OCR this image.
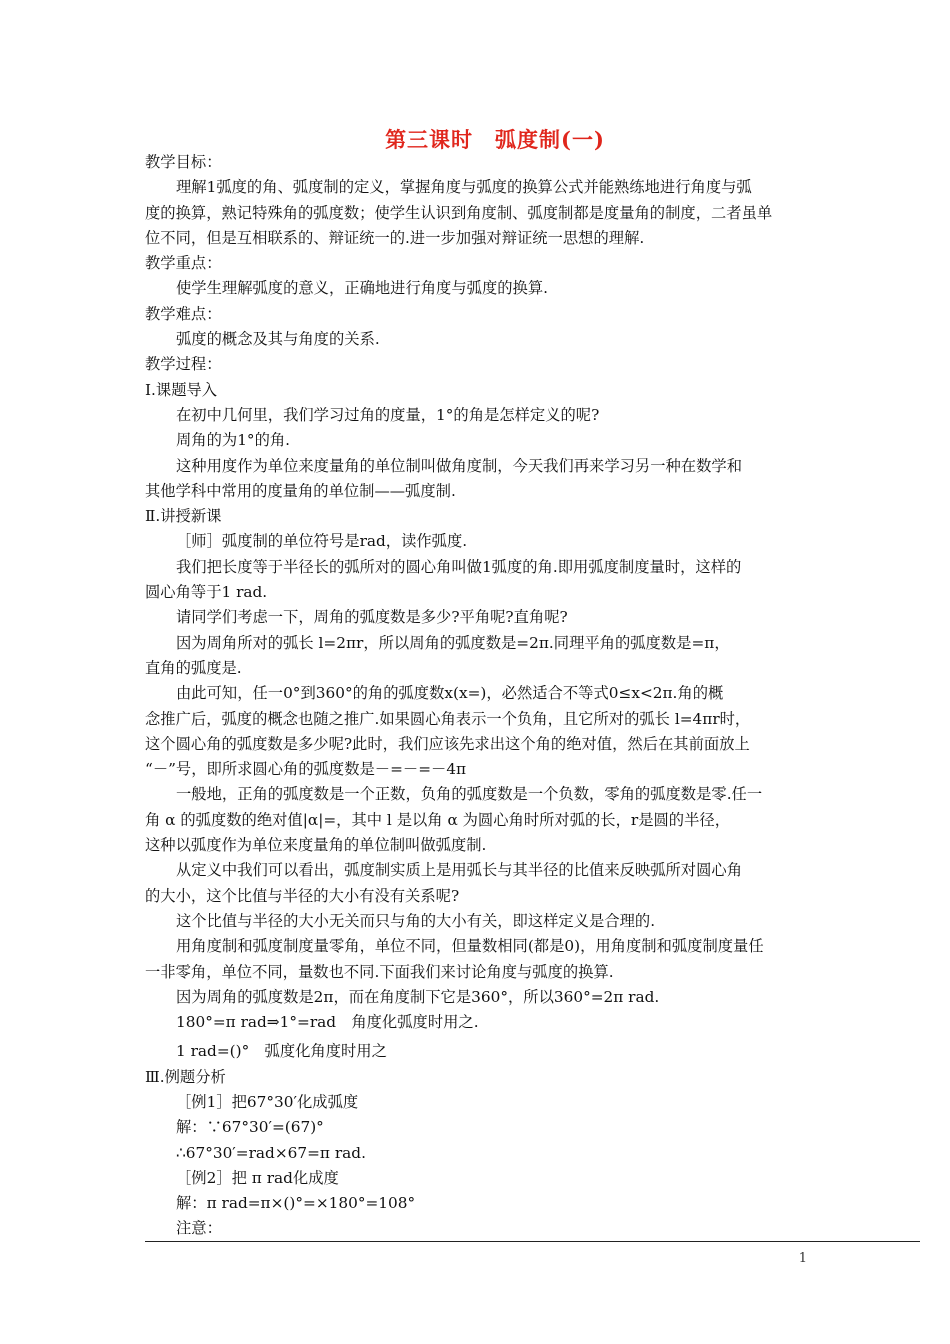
第三课时　弧度制(一)
教学目标：
理解1弧度的角、弧度制的定义，掌握角度与弧度的换算公式并能熟练地进行角度与弧
度的换算，熟记特殊角的弧度数；使学生认识到角度制、弧度制都是度量角的制度，二者虽单
位不同，但是互相联系的、辩证统一的.进一步加强对辩证统一思想的理解.
教学重点：
使学生理解弧度的意义，正确地进行角度与弧度的换算.
教学难点：
弧度的概念及其与角度的关系.
教学过程：
Ⅰ.课题导入
在初中几何里，我们学习过角的度量，1°的角是怎样定义的呢?
周角的为1°的角.
这种用度作为单位来度量角的单位制叫做角度制，今天我们再来学习另一种在数学和
其他学科中常用的度量角的单位制——弧度制.
Ⅱ.讲授新课
［师］弧度制的单位符号是rad，读作弧度.
我们把长度等于半径长的弧所对的圆心角叫做1弧度的角.即用弧度制度量时，这样的
圆心角等于1 rad.
请同学们考虑一下，周角的弧度数是多少?平角呢?直角呢?
因为周角所对的弧长 l=2πr，所以周角的弧度数是=2π.同理平角的弧度数是=π，
直角的弧度是.
由此可知，任一0°到360°的角的弧度数x(x=)，必然适合不等式0≤x<2π.角的概
念推广后，弧度的概念也随之推广.如果圆心角表示一个负角，且它所对的弧长 l=4πr时，
这个圆心角的弧度数是多少呢?此时，我们应该先求出这个角的绝对值，然后在其前面放上
“－”号，即所求圆心角的弧度数是－=－=－4π
一般地，正角的弧度数是一个正数，负角的弧度数是一个负数，零角的弧度数是零.任一
角 α 的弧度数的绝对值|α|=，其中 l 是以角 α 为圆心角时所对弧的长，r是圆的半径，
这种以弧度作为单位来度量角的单位制叫做弧度制.
从定义中我们可以看出，弧度制实质上是用弧长与其半径的比值来反映弧所对圆心角
的大小，这个比值与半径的大小有没有关系呢?
这个比值与半径的大小无关而只与角的大小有关，即这样定义是合理的.
用角度制和弧度制度量零角，单位不同，但量数相同(都是0)，用角度制和弧度制度量任
一非零角，单位不同，量数也不同.下面我们来讨论角度与弧度的换算.
因为周角的弧度数是2π，而在角度制下它是360°，所以360°=2π rad.
180°=π rad⇒1°=rad　角度化弧度时用之.
1 rad=()°　弧度化角度时用之
Ⅲ.例题分析
［例1］把67°30′化成弧度
解：∵67°30′=(67)°
∴67°30′=rad×67=π rad.
［例2］把 π rad化成度
解：π rad=π×()°=×180°=108°
注意：
1
